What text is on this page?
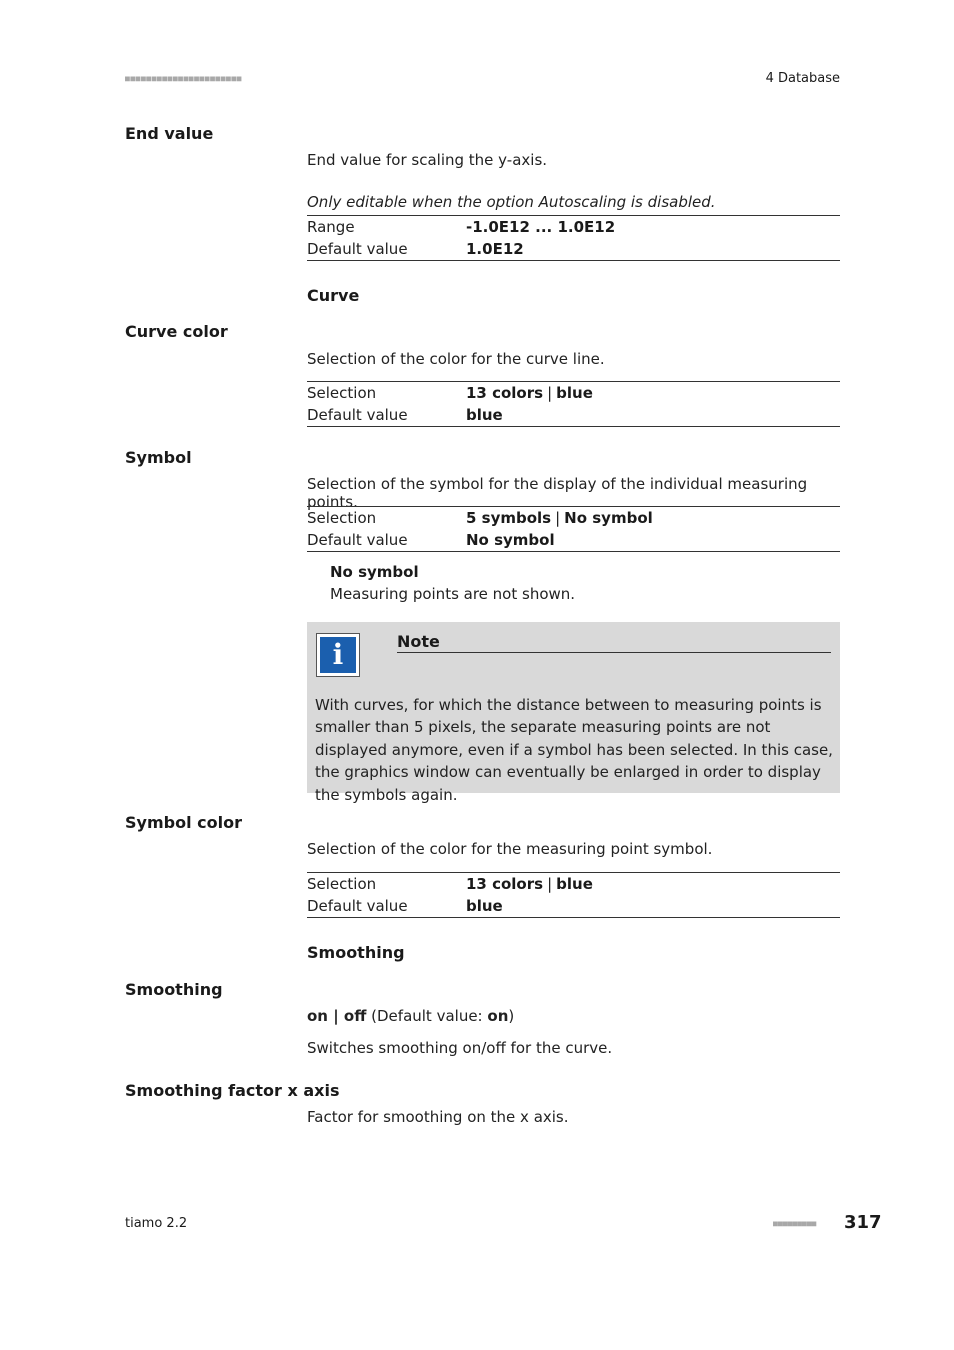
■■■■■■■■■■■■■■■■■■■■■■	4 Database
End value
End value for scaling the y-axis.
Only editable when the option Autoscaling is disabled.
Range	-1.0E12 ... 1.0E12
Default value	1.0E12
Curve
Curve color
Selection of the color for the curve line.
Selection	13 colors | blue
Default value	blue
Symbol
Selection of the symbol for the display of the individual measuring points.
Selection	5 symbols | No symbol
Default value	No symbol
No symbol
Measuring points are not shown.
i	Note
With curves, for which the distance between to measuring points is smaller than 5 pixels, the separate measuring points are not displayed anymore, even if a symbol has been selected. In this case, the graphics window can eventually be enlarged in order to display the symbols again.
Symbol color
Selection of the color for the measuring point symbol.
Selection	13 colors | blue
Default value	blue
Smoothing
Smoothing
on | off (Default value: on)
Switches smoothing on/off for the curve.
Smoothing factor x axis
Factor for smoothing on the x axis.
tiamo 2.2	■■■■■■■■■ 317
